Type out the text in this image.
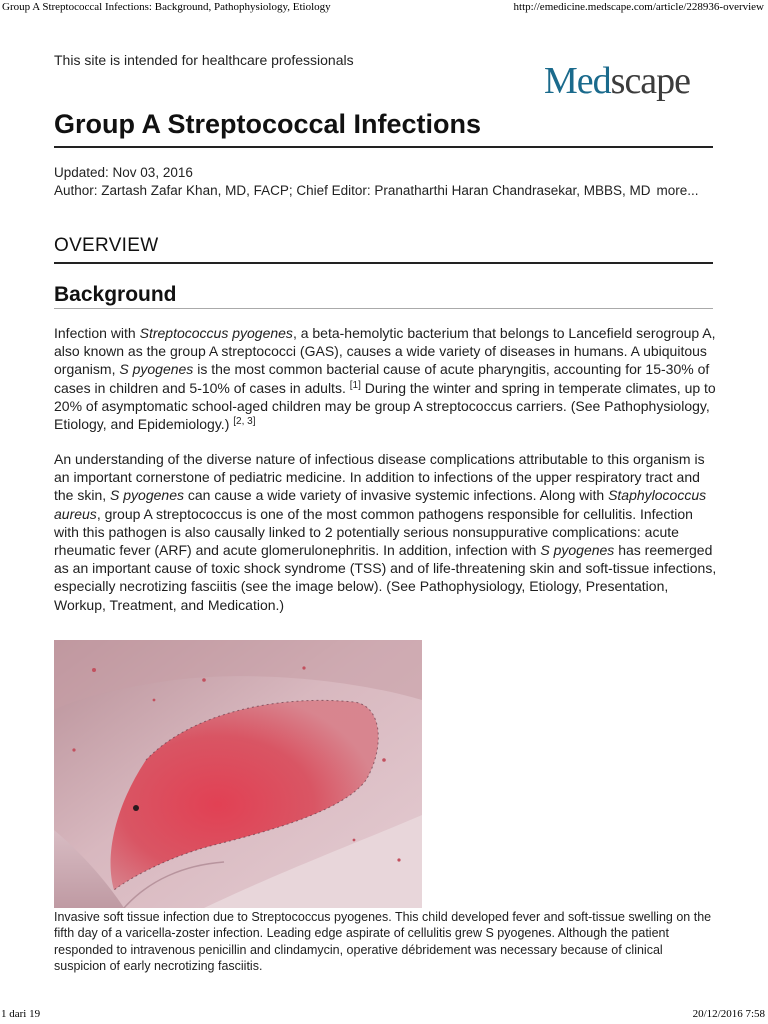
Group A Streptococcal Infections: Background, Pathophysiology, Etiology	http://emedicine.medscape.com/article/228936-overview
This site is intended for healthcare professionals	Medscape
Group A Streptococcal Infections
Updated: Nov 03, 2016
Author: Zartash Zafar Khan, MD, FACP; Chief Editor: Pranatharthi Haran Chandrasekar, MBBS, MD more...
OVERVIEW
Background

Infection with Streptococcus pyogenes, a beta-hemolytic bacterium that belongs to Lancefield serogroup A, also known as the group A streptococci (GAS), causes a wide variety of diseases in humans. A ubiquitous organism, S pyogenes is the most common bacterial cause of acute pharyngitis, accounting for 15-30% of cases in children and 5-10% of cases in adults. [1] During the winter and spring in temperate climates, up to 20% of asymptomatic school-aged children may be group A streptococcus carriers. (See Pathophysiology, Etiology, and Epidemiology.) [2, 3]

An understanding of the diverse nature of infectious disease complications attributable to this organism is an important cornerstone of pediatric medicine. In addition to infections of the upper respiratory tract and the skin, S pyogenes can cause a wide variety of invasive systemic infections. Along with Staphylococcus aureus, group A streptococcus is one of the most common pathogens responsible for cellulitis. Infection with this pathogen is also causally linked to 2 potentially serious nonsuppurative complications: acute rheumatic fever (ARF) and acute glomerulonephritis. In addition, infection with S pyogenes has reemerged as an important cause of toxic shock syndrome (TSS) and of life-threatening skin and soft-tissue infections, especially necrotizing fasciitis (see the image below). (See Pathophysiology, Etiology, Presentation, Workup, Treatment, and Medication.)

Invasive soft tissue infection due to Streptococcus pyogenes. This child developed fever and soft-tissue swelling on the fifth day of a varicella-zoster infection. Leading edge aspirate of cellulitis grew S pyogenes. Although the patient responded to intravenous penicillin and clindamycin, operative débridement was necessary because of clinical suspicion of early necrotizing fasciitis.
1 dari 19	20/12/2016 7:58
